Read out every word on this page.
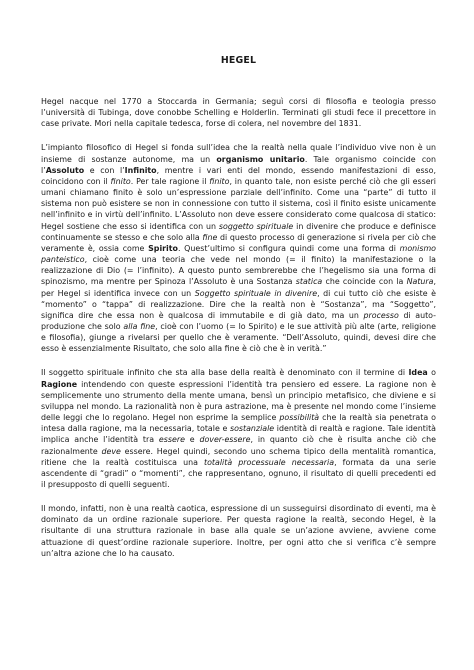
HEGEL

Hegel nacque nel 1770 a Stoccarda in Germania; seguì corsi di filosofia e teologia presso l’università di Tubinga, dove conobbe Schelling e Holderlin. Terminati gli studi fece il precettore in case private. Mori nella capitale tedesca, forse di colera, nel novembre del 1831.

L’impianto filosofico di Hegel si fonda sull’idea che la realtà nella quale l’individuo vive non è un insieme di sostanze autonome, ma un organismo unitario. Tale organismo coincide con l’Assoluto e con l’Infinito, mentre i vari enti del mondo, essendo manifestazioni di esso, coincidono con il finito. Per tale ragione il finito, in quanto tale, non esiste perché ciò che gli esseri umani chiamano finito è solo un’espressione parziale dell’infinito. Come una “parte” di tutto il sistema non può esistere se non in connessione con tutto il sistema, così il finito esiste unicamente nell’infinito e in virtù dell’infinito. L’Assoluto non deve essere considerato come qualcosa di statico: Hegel sostiene che esso si identifica con un soggetto spirituale in divenire che produce e definisce continuamente se stesso e che solo alla fine di questo processo di generazione si rivela per ciò che veramente è, ossia come Spirito. Quest’ultimo si configura quindi come una forma di monismo panteistico, cioè come una teoria che vede nel mondo (= il finito) la manifestazione o la realizzazione di Dio (= l’infinito). A questo punto sembrerebbe che l’hegelismo sia una forma di spinozismo, ma mentre per Spinoza l’Assoluto è una Sostanza statica che coincide con la Natura, per Hegel si identifica invece con un Soggetto spirituale in divenire, di cui tutto ciò che esiste è “momento” o “tappa” di realizzazione. Dire che la realtà non è “Sostanza”, ma “Soggetto”, significa dire che essa non è qualcosa di immutabile e di già dato, ma un processo di auto-produzione che solo alla fine, cioè con l’uomo (= lo Spirito) e le sue attività più alte (arte, religione e filosofia), giunge a rivelarsi per quello che è veramente. “Dell’Assoluto, quindi, devesi dire che esso è essenzialmente Risultato, che solo alla fine è ciò che è in verità.”

Il soggetto spirituale infinito che sta alla base della realtà è denominato con il termine di Idea o Ragione intendendo con queste espressioni l’identità tra pensiero ed essere. La ragione non è semplicemente uno strumento della mente umana, bensì un principio metafisico, che diviene e si sviluppa nel mondo. La razionalità non è pura astrazione, ma è presente nel mondo come l’insieme delle leggi che lo regolano. Hegel non esprime la semplice possibilità che la realtà sia penetrata o intesa dalla ragione, ma la necessaria, totale e sostanziale identità di realtà e ragione. Tale identità implica anche l’identità tra essere e dover-essere, in quanto ciò che è risulta anche ciò che razionalmente deve essere. Hegel quindi, secondo uno schema tipico della mentalità romantica, ritiene che la realtà costituisca una totalità processuale necessaria, formata da una serie ascendente di “gradi” o “momenti”, che rappresentano, ognuno, il risultato di quelli precedenti ed il presupposto di quelli seguenti.

Il mondo, infatti, non è una realtà caotica, espressione di un susseguirsi disordinato di eventi, ma è dominato da un ordine razionale superiore. Per questa ragione la realtà, secondo Hegel, è la risultante di una struttura razionale in base alla quale se un’azione avviene, avviene come attuazione di quest’ordine razionale superiore. Inoltre, per ogni atto che si verifica c’è sempre un’altra azione che lo ha causato.
